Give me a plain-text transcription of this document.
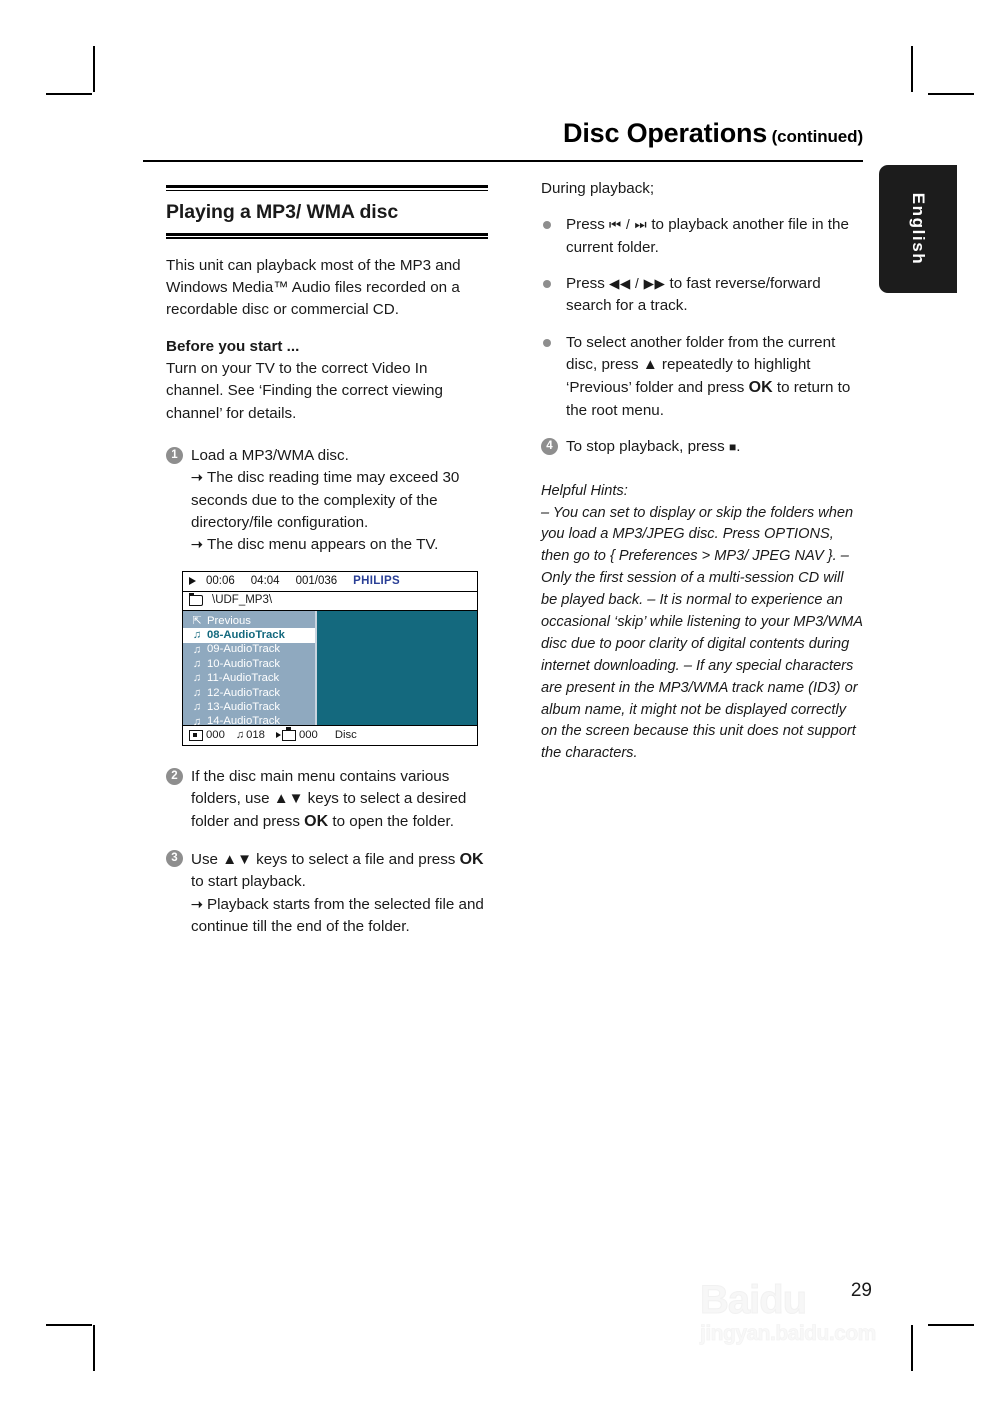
Disc Operations (continued)
English
Playing a MP3/ WMA disc

This unit can playback most of the MP3 and Windows Media™ Audio files recorded on a recordable disc or commercial CD.

Before you start ...
Turn on your TV to the correct Video In channel. See ‘Finding the correct viewing channel’ for details.

1 Load a MP3/WMA disc.
➝ The disc reading time may exceed 30 seconds due to the complexity of the directory/file configuration.
➝ The disc menu appears on the TV.
00:06 04:04 001/036 PHILIPS
\UDF_MP3\
⇱ Previous
♫ 08-AudioTrack
♫ 09-AudioTrack
♫ 10-AudioTrack
♫ 11-AudioTrack
♫ 12-AudioTrack
♫ 13-AudioTrack
♫ 14-AudioTrack
000 ♫ 018	000 Disc
2 If the disc main menu contains various folders, use ▲▼ keys to select a desired folder and press OK to open the folder.
3 Use ▲▼ keys to select a file and press OK to start playback.
➝ Playback starts from the selected file and continue till the end of the folder.

During playback;

Press ⏮ / ⏭ to playback another file in the current folder.
Press ◀◀ / ▶▶ to fast reverse/forward search for a track.
To select another folder from the current disc, press ▲ repeatedly to highlight ‘Previous’ folder and press OK to return to the root menu.
4 To stop playback, press ■.
Helpful Hints:
– You can set to display or skip the folders when you load a MP3/JPEG disc. Press OPTIONS, then go to { Preferences > MP3/ JPEG NAV }. – Only the first session of a multi-session CD will be played back. – It is normal to experience an occasional ‘skip’ while listening to your MP3/WMA disc due to poor clarity of digital contents during internet downloading. – If any special characters are present in the MP3/WMA track name (ID3) or album name, it might not be displayed correctly on the screen because this unit does not support the characters.
29
Baidu
jingyan.baidu.com
